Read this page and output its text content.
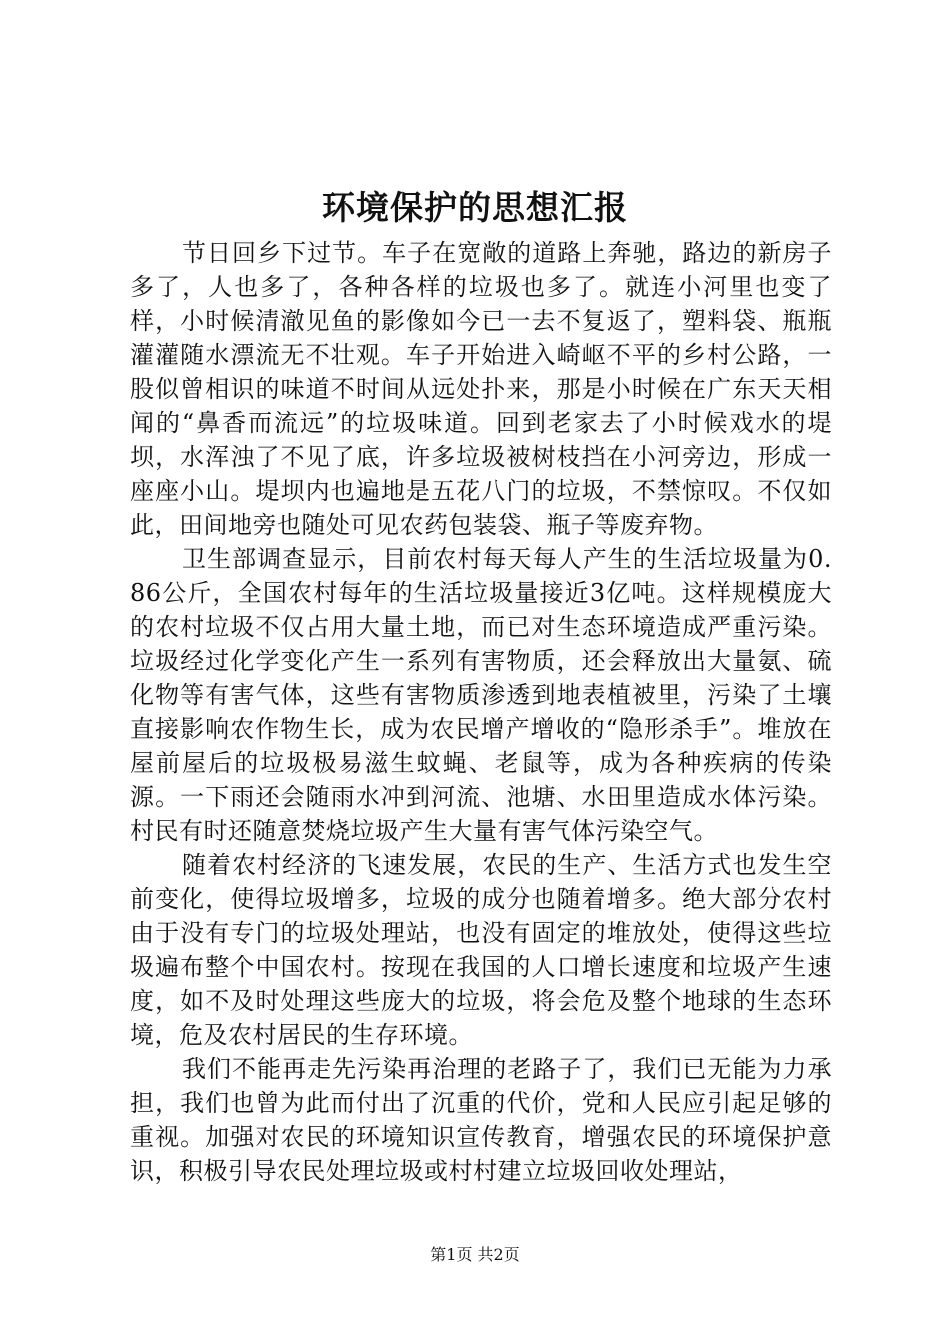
环境保护的思想汇报

节日回乡下过节。车子在宽敞的道路上奔驰，路边的新房子多了，人也多了，各种各样的垃圾也多了。就连小河里也变了样，小时候清澈见鱼的影像如今已一去不复返了，塑料袋、瓶瓶灌灌随水漂流无不壮观。车子开始进入崎岖不平的乡村公路，一股似曾相识的味道不时间从远处扑来，那是小时候在广东天天相闻的“鼻香而流远”的垃圾味道。回到老家去了小时候戏水的堤坝，水浑浊了不见了底，许多垃圾被树枝挡在小河旁边，形成一座座小山。堤坝内也遍地是五花八门的垃圾，不禁惊叹。不仅如此，田间地旁也随处可见农药包装袋、瓶子等废弃物。

卫生部调查显示，目前农村每天每人产生的生活垃圾量为0.86公斤，全国农村每年的生活垃圾量接近3亿吨。这样规模庞大的农村垃圾不仅占用大量土地，而已对生态环境造成严重污染。垃圾经过化学变化产生一系列有害物质，还会释放出大量氨、硫化物等有害气体，这些有害物质渗透到地表植被里，污染了土壤直接影响农作物生长，成为农民增产增收的“隐形杀手”。堆放在屋前屋后的垃圾极易滋生蚊蝇、老鼠等，成为各种疾病的传染源。一下雨还会随雨水冲到河流、池塘、水田里造成水体污染。村民有时还随意焚烧垃圾产生大量有害气体污染空气。

随着农村经济的飞速发展，农民的生产、生活方式也发生空前变化，使得垃圾增多，垃圾的成分也随着增多。绝大部分农村由于没有专门的垃圾处理站，也没有固定的堆放处，使得这些垃圾遍布整个中国农村。按现在我国的人口增长速度和垃圾产生速度，如不及时处理这些庞大的垃圾，将会危及整个地球的生态环境，危及农村居民的生存环境。

我们不能再走先污染再治理的老路子了，我们已无能为力承担，我们也曾为此而付出了沉重的代价，党和人民应引起足够的重视。加强对农民的环境知识宣传教育，增强农民的环境保护意识，积极引导农民处理垃圾或村村建立垃圾回收处理站，

第1页 共2页
